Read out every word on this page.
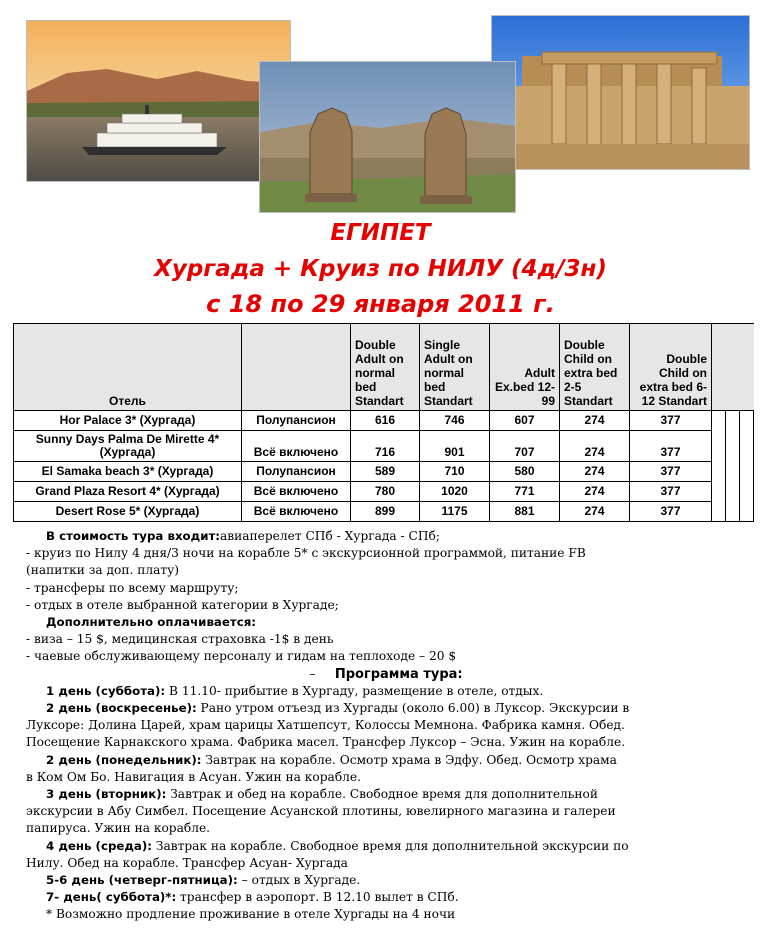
ЕГИПЕТ
Хургада + Круиз по НИЛУ (4д/3н)
с 18 по 29 января 2011 г.
Отель		Double Adult on normal bed Standart	Single Adult on normal bed Standart	Adult Ex.bed 12-99	Double Child on extra bed 2-5 Standart	Double Child on extra bed 6-12 Standart			
Hor Palace 3* (Хургада)	Полупансион	616	746	607	274	377			
Sunny Days Palma De Mirette 4* (Хургада)	Всё включено	716	901	707	274	377			
El Samaka beach 3* (Хургада)	Полупансион	589	710	580	274	377			
Grand Plaza Resort 4* (Хургада)	Всё включено	780	1020	771	274	377			
Desert Rose 5* (Хургада)	Всё включено	899	1175	881	274	377			

В стоимость тура входит:авиаперелет СПб - Хургада - СПб;

- круиз по Нилу 4 дня/3 ночи на корабле 5* с экскурсионной программой, питание FB

(напитки за доп. плату)

- трансферы по всему маршруту;

- отдых в отеле выбранной категории в Хургаде;

Дополнительно оплачивается:

- виза – 15 $, медицинская страховка -1$ в день

- чаевые обслуживающему персоналу и гидам на теплоходе – 20 $

– Программа тура:

1 день (суббота): В 11.10- прибытие в Хургаду, размещение в отеле, отдых.

2 день (воскресенье): Рано утром отъезд из Хургады (около 6.00) в Луксор. Экскурсии в

Луксоре: Долина Царей, храм царицы Хатшепсут, Колоссы Мемнона. Фабрика камня. Обед.

Посещение Карнакского храма. Фабрика масел. Трансфер Луксор – Эсна. Ужин на корабле.

2 день (понедельник): Завтрак на корабле. Осмотр храма в Эдфу. Обед. Осмотр храма

в Ком Ом Бо. Навигация в Асуан. Ужин на корабле.

3 день (вторник): Завтрак и обед на корабле. Свободное время для дополнительной

экскурсии в Абу Симбел. Посещение Асуанской плотины, ювелирного магазина и галереи

папируса. Ужин на корабле.

4 день (среда): Завтрак на корабле. Свободное время для дополнительной экскурсии по

Нилу. Обед на корабле. Трансфер Асуан- Хургада

5-6 день (четверг-пятница): – отдых в Хургаде.

7- день( суббота)*: трансфер в аэропорт. В 12.10 вылет в СПб.

* Возможно продление проживание в отеле Хургады на 4 ночи
